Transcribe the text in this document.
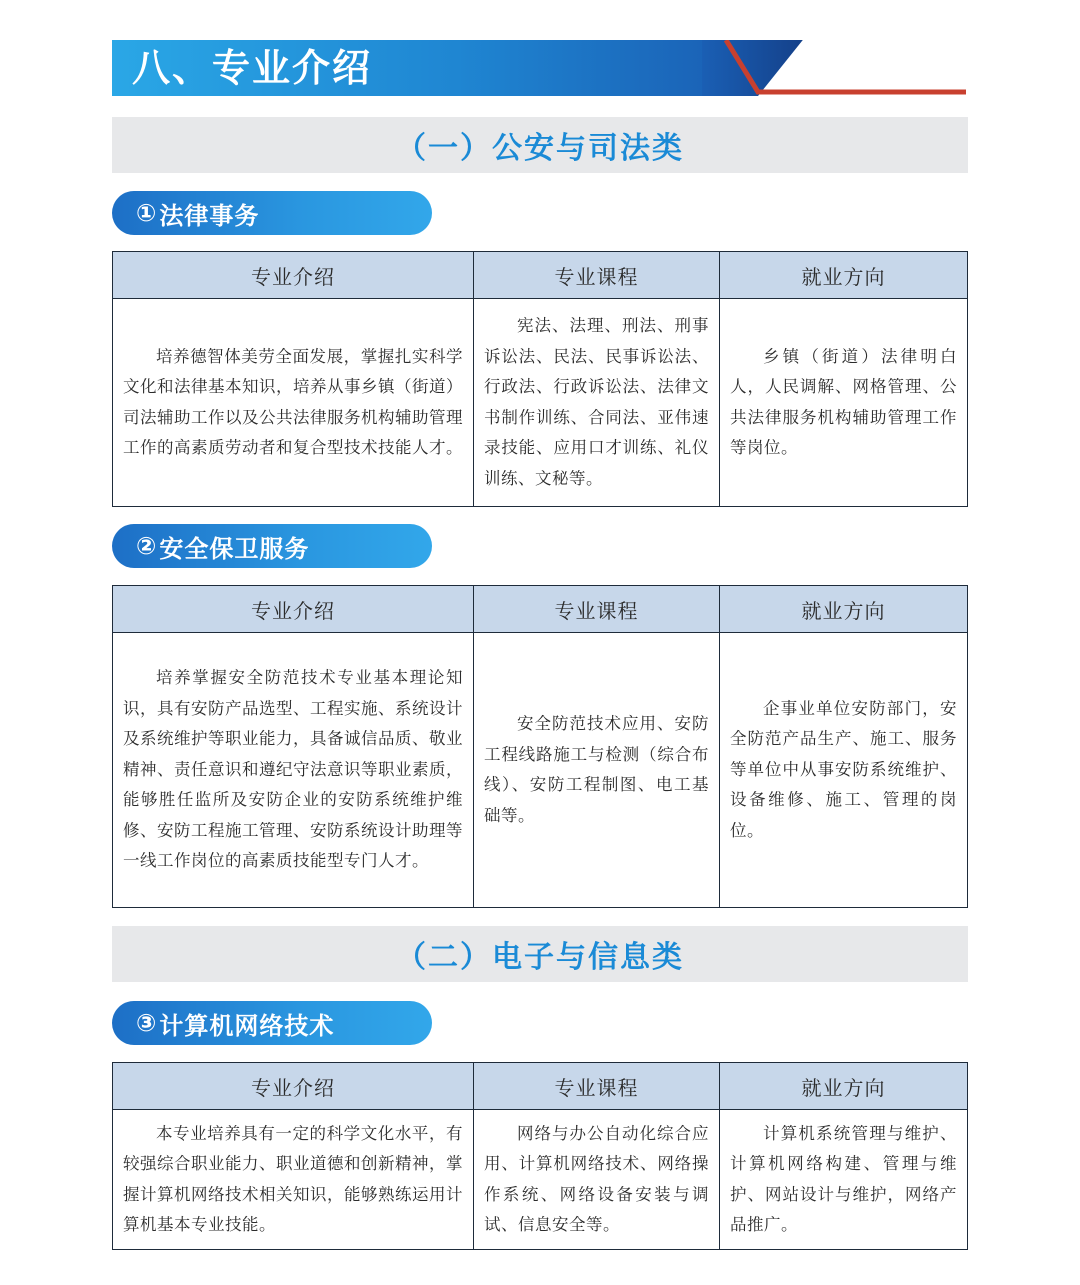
八、专业介绍
（一）公安与司法类
① 法律事务
专业介绍	专业课程	就业方向
培养德智体美劳全面发展，掌握扎实科学文化和法律基本知识，培养从事乡镇（街道）司法辅助工作以及公共法律服务机构辅助管理工作的高素质劳动者和复合型技术技能人才。	宪法、法理、刑法、刑事诉讼法、民法、民事诉讼法、行政法、行政诉讼法、法律文书制作训练、合同法、亚伟速录技能、应用口才训练、礼仪训练、文秘等。	乡镇（街道）法律明白人，人民调解、网格管理、公共法律服务机构辅助管理工作等岗位。
② 安全保卫服务
专业介绍	专业课程	就业方向
培养掌握安全防范技术专业基本理论知识，具有安防产品选型、工程实施、系统设计及系统维护等职业能力，具备诚信品质、敬业精神、责任意识和遵纪守法意识等职业素质，能够胜任监所及安防企业的安防系统维护维修、安防工程施工管理、安防系统设计助理等一线工作岗位的高素质技能型专门人才。	安全防范技术应用、安防工程线路施工与检测（综合布线）、安防工程制图、电工基础等。	企事业单位安防部门，安全防范产品生产、施工、服务等单位中从事安防系统维护、设备维修、施工、管理的岗位。
（二）电子与信息类
③ 计算机网络技术
专业介绍	专业课程	就业方向
本专业培养具有一定的科学文化水平，有较强综合职业能力、职业道德和创新精神，掌握计算机网络技术相关知识，能够熟练运用计算机基本专业技能。	网络与办公自动化综合应用、计算机网络技术、网络操作系统、网络设备安装与调试、信息安全等。	计算机系统管理与维护、计算机网络构建、管理与维护、网站设计与维护，网络产品推广。
